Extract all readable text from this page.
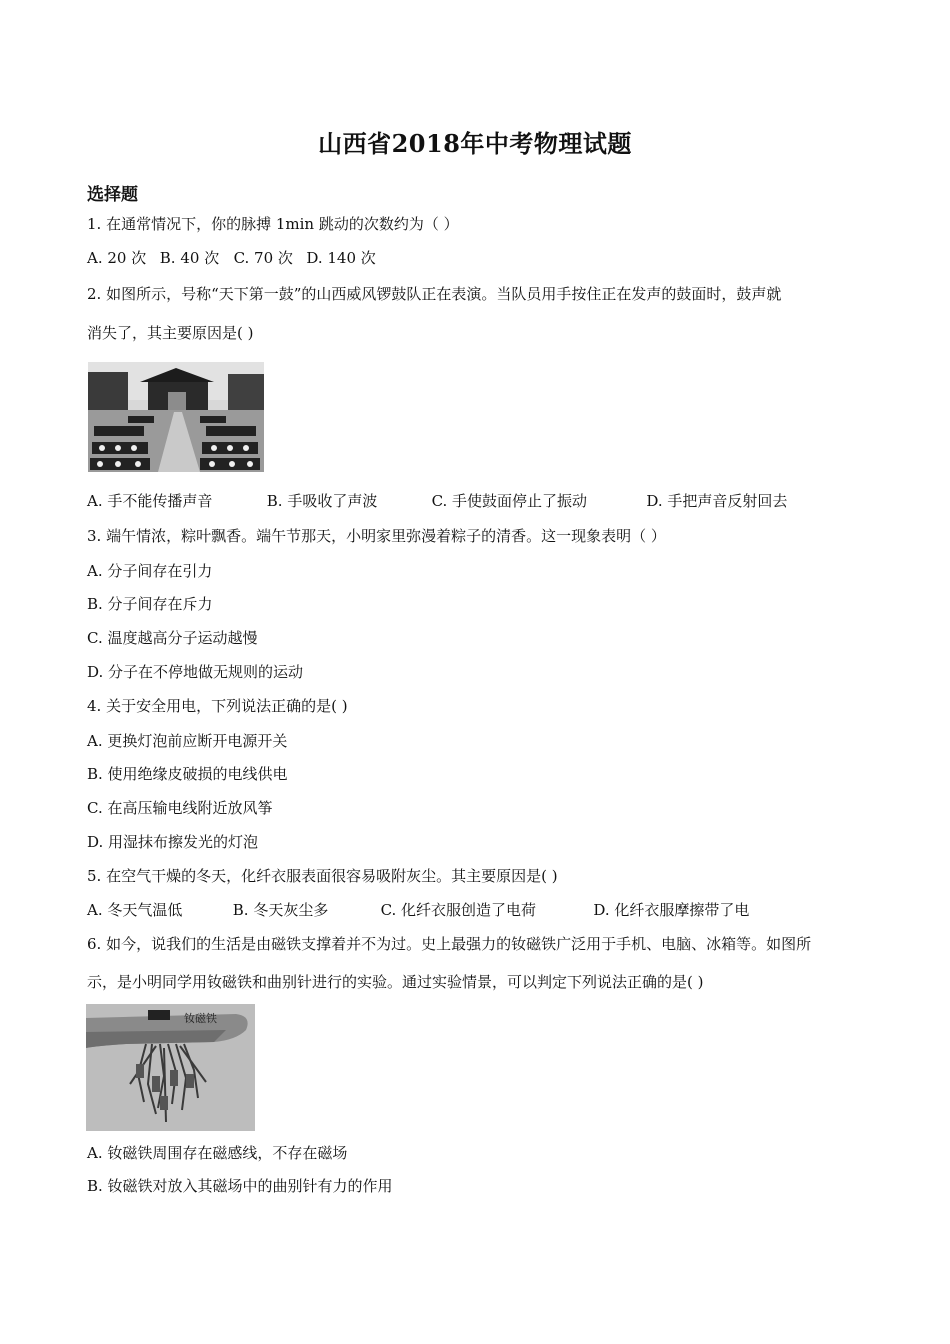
山西省2018年中考物理试题
选择题
1. 在通常情况下，你的脉搏 1min 跳动的次数约为（ ）
A. 20 次 B. 40 次 C. 70 次 D. 140 次
2. 如图所示，号称“天下第一鼓”的山西威风锣鼓队正在表演。当队员用手按住正在发声的鼓面时，鼓声就
消失了，其主要原因是( )
A. 手不能传播声音	B. 手吸收了声波	C. 手使鼓面停止了振动	D. 手把声音反射回去
3. 端午情浓，粽叶飘香。端午节那天，小明家里弥漫着粽子的清香。这一现象表明（ ）
A. 分子间存在引力
B. 分子间存在斥力
C. 温度越高分子运动越慢
D. 分子在不停地做无规则的运动
4. 关于安全用电，下列说法正确的是( )
A. 更换灯泡前应断开电源开关
B. 使用绝缘皮破损的电线供电
C. 在高压输电线附近放风筝
D. 用湿抹布擦发光的灯泡
5. 在空气干燥的冬天，化纤衣服表面很容易吸附灰尘。其主要原因是( )
A. 冬天气温低	B. 冬天灰尘多	C. 化纤衣服创造了电荷	D. 化纤衣服摩擦带了电
6. 如今，说我们的生活是由磁铁支撑着并不为过。史上最强力的钕磁铁广泛用于手机、电脑、冰箱等。如图所
示，是小明同学用钕磁铁和曲别针进行的实验。通过实验情景，可以判定下列说法正确的是( )
钕磁铁
A. 钕磁铁周围存在磁感线，不存在磁场
B. 钕磁铁对放入其磁场中的曲别针有力的作用
